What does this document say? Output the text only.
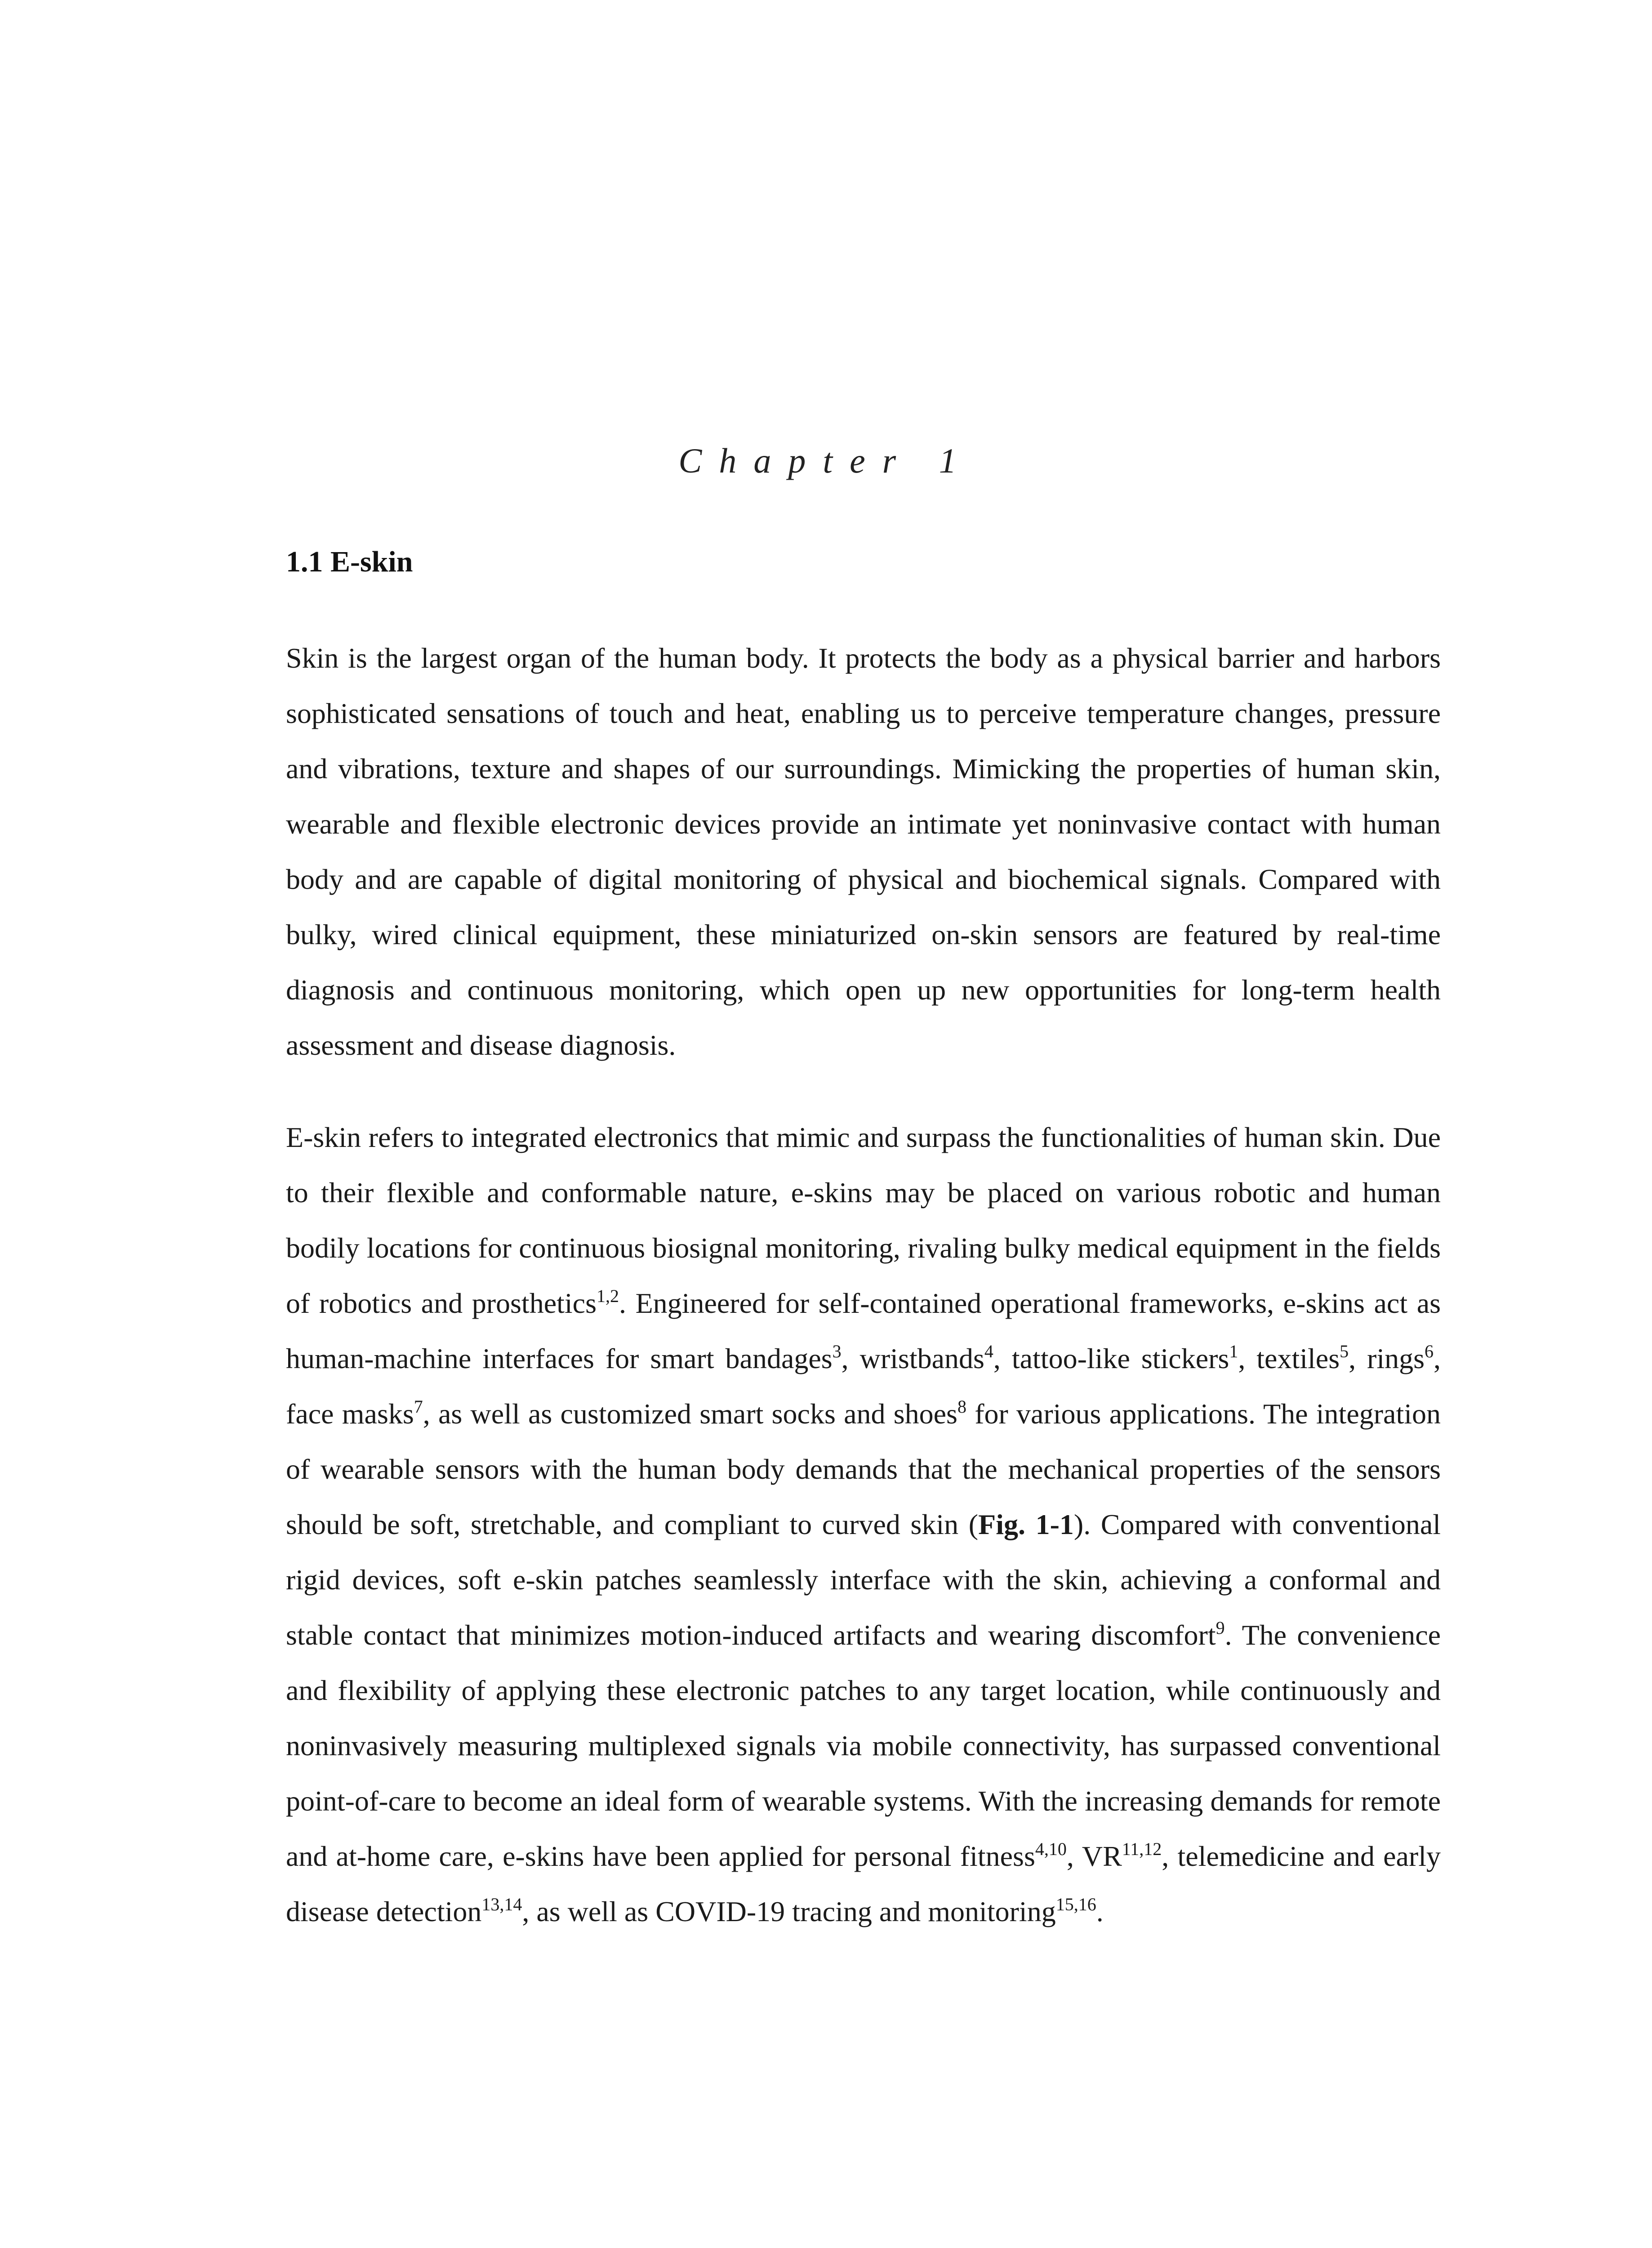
Chapter 1
1.1 E-skin

Skin is the largest organ of the human body. It protects the body as a physical barrier and harbors sophisticated sensations of touch and heat, enabling us to perceive temperature changes, pressure and vibrations, texture and shapes of our surroundings. Mimicking the properties of human skin, wearable and flexible electronic devices provide an intimate yet noninvasive contact with human body and are capable of digital monitoring of physical and biochemical signals. Compared with bulky, wired clinical equipment, these miniaturized on-skin sensors are featured by real-time diagnosis and continuous monitoring, which open up new opportunities for long-term health assessment and disease diagnosis.

E-skin refers to integrated electronics that mimic and surpass the functionalities of human skin. Due to their flexible and conformable nature, e-skins may be placed on various robotic and human bodily locations for continuous biosignal monitoring, rivaling bulky medical equipment in the fields of robotics and prosthetics$^{1,2}$. Engineered for self-contained operational frameworks, e-skins act as human-machine interfaces for smart bandages$^3$, wristbands$^4$, tattoo-like stickers$^1$, textiles$^5$, rings$^6$, face masks$^7$, as well as customized smart socks and shoes$^8$ for various applications. The integration of wearable sensors with the human body demands that the mechanical properties of the sensors should be soft, stretchable, and compliant to curved skin (Fig. 1-1). Compared with conventional rigid devices, soft e-skin patches seamlessly interface with the skin, achieving a conformal and stable contact that minimizes motion-induced artifacts and wearing discomfort$^9$. The convenience and flexibility of applying these electronic patches to any target location, while continuously and noninvasively measuring multiplexed signals via mobile connectivity, has surpassed conventional point-of-care to become an ideal form of wearable systems. With the increasing demands for remote and at-home care, e-skins have been applied for personal fitness$^{4,10}$, VR$^{11,12}$, telemedicine and early disease detection$^{13,14}$, as well as COVID-19 tracing and monitoring$^{15,16}$.
